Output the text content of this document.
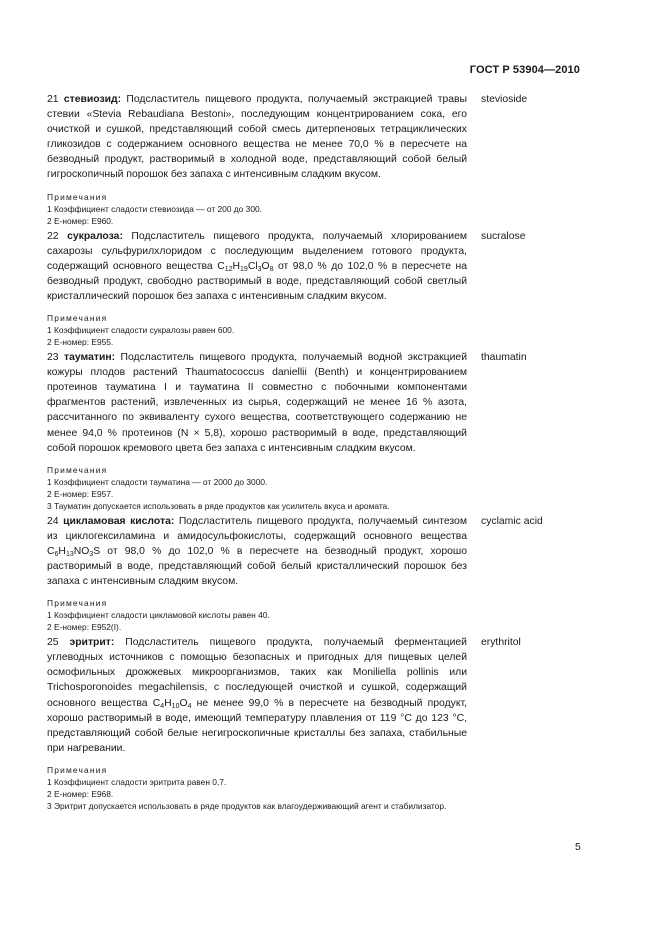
ГОСТ Р 53904—2010
21 стевиозид: Подсластитель пищевого продукта, получаемый экстракцией травы стевии «Stevia Rebaudiana Bestoni», последующим концентрированием сока, его очисткой и сушкой, представляющий собой смесь дитерпеновых тетрациклических гликозидов с содержанием основного вещества не менее 70,0 % в пересчете на безводный продукт, растворимый в холодной воде, представляющий собой белый гигроскопичный порошок без запаха с интенсивным сладким вкусом.
stevioside
Примечания
1 Коэффициент сладости стевиозида — от 200 до 300.
2 Е-номер: Е960.
22 сукралоза: Подсластитель пищевого продукта, получаемый хлорированием сахарозы сульфурилхлоридом с последующим выделением готового продукта, содержащий основного вещества $C_{12}H_{19}Cl_3O_8$ от 98,0 % до 102,0 % в пересчете на безводный продукт, свободно растворимый в воде, представляющий собой светлый кристаллический порошок без запаха с интенсивным сладким вкусом.
sucralose
Примечания
1 Коэффициент сладости сукралозы равен 600.
2 Е-номер: Е955.
23 тауматин: Подсластитель пищевого продукта, получаемый водной экстракцией кожуры плодов растений Thaumatococcus daniellii (Benth) и концентрированием протеинов тауматина I и тауматина II совместно с побочными компонентами фрагментов растений, извлеченных из сырья, содержащий не менее 16 % азота, рассчитанного по эквиваленту сухого вещества, соответствующего содержанию не менее 94,0 % протеинов (N × 5,8), хорошо растворимый в воде, представляющий собой порошок кремового цвета без запаха с интенсивным сладким вкусом.
thaumatin
Примечания
1 Коэффициент сладости тауматина — от 2000 до 3000.
2 Е-номер: Е957.
3 Тауматин допускается использовать в ряде продуктов как усилитель вкуса и аромата.
24 цикламовая кислота: Подсластитель пищевого продукта, получаемый синтезом из циклогексиламина и амидосульфокислоты, содержащий основного вещества $C_6H_{13}NO_3S$ от 98,0 % до 102,0 % в пересчете на безводный продукт, хорошо растворимый в воде, представляющий собой белый кристаллический порошок без запаха с интенсивным сладким вкусом.
cyclamic acid
Примечания
1 Коэффициент сладости цикламовой кислоты равен 40.
2 Е-номер: Е952(I).
25 эритрит: Подсластитель пищевого продукта, получаемый ферментацией углеводных источников с помощью безопасных и пригодных для пищевых целей осмофильных дрожжевых микроорганизмов, таких как Moniliella pollinis или Trichosporonoides megachilensis, с последующей очисткой и сушкой, содержащий основного вещества $C_4H_{10}O_4$ не менее 99,0 % в пересчете на безводный продукт, хорошо растворимый в воде, имеющий температуру плавления от 119 °С до 123 °С, представляющий собой белые негигроскопичные кристаллы без запаха, стабильные при нагревании.
erythritol
Примечания
1 Коэффициент сладости эритрита равен 0,7.
2 Е-номер: Е968.
3 Эритрит допускается использовать в ряде продуктов как влагоудерживающий агент и стабилизатор.
5
